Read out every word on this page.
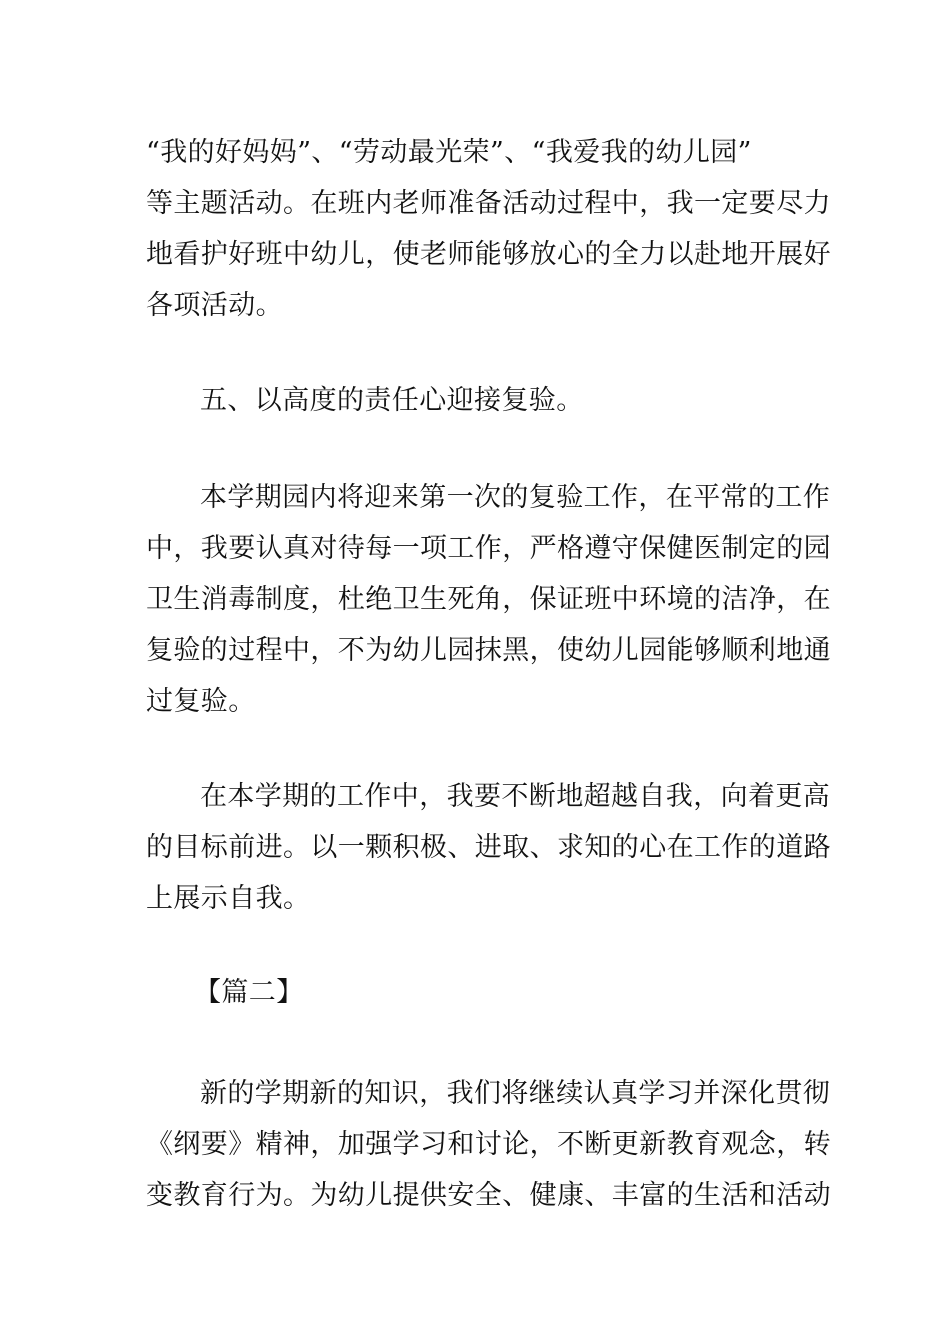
“我的好妈妈”、“劳动最光荣”、“我爱我的幼儿园”
等主题活动。在班内老师准备活动过程中，我一定要尽力
地看护好班中幼儿，使老师能够放心的全力以赴地开展好
各项活动。

五、以高度的责任心迎接复验。

本学期园内将迎来第一次的复验工作，在平常的工作
中，我要认真对待每一项工作，严格遵守保健医制定的园
卫生消毒制度，杜绝卫生死角，保证班中环境的洁净，在
复验的过程中，不为幼儿园抹黑，使幼儿园能够顺利地通
过复验。

在本学期的工作中，我要不断地超越自我，向着更高
的目标前进。以一颗积极、进取、求知的心在工作的道路
上展示自我。

【篇二】

新的学期新的知识，我们将继续认真学习并深化贯彻
《纲要》精神，加强学习和讨论，不断更新教育观念，转
变教育行为。为幼儿提供安全、健康、丰富的生活和活动
